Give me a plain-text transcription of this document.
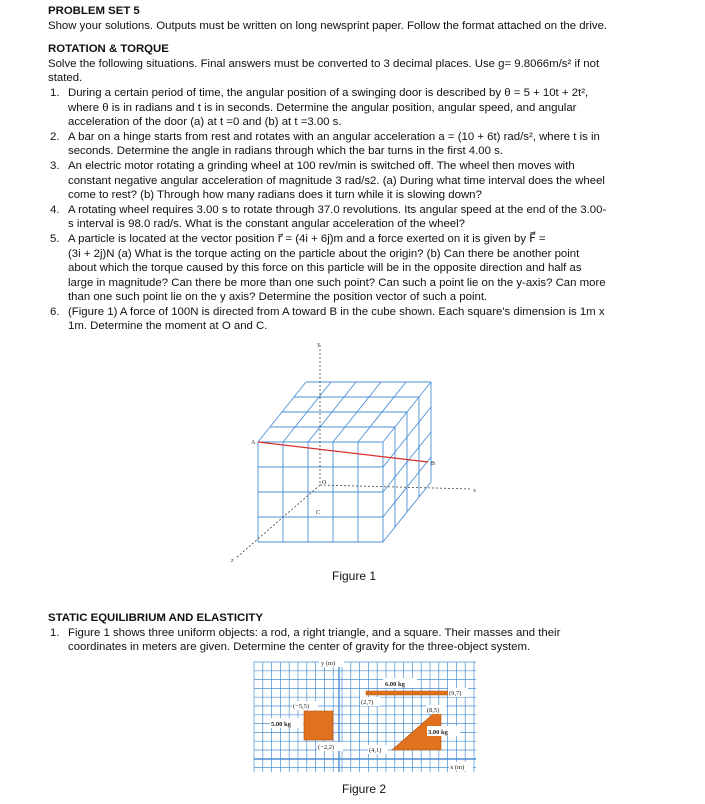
PROBLEM SET 5
Show your solutions. Outputs must be written on long newsprint paper. Follow the format attached on the drive.
ROTATION & TORQUE
Solve the following situations. Final answers must be converted to 3 decimal places. Use g= 9.8066m/s² if not
stated.
1. During a certain period of time, the angular position of a swinging door is described by θ = 5 + 10t + 2t²,
where θ is in radians and t is in seconds. Determine the angular position, angular speed, and angular
acceleration of the door (a) at t =0 and (b) at t =3.00 s.
2. A bar on a hinge starts from rest and rotates with an angular acceleration a = (10 + 6t) rad/s², where t is in
seconds. Determine the angle in radians through which the bar turns in the first 4.00 s.
3. An electric motor rotating a grinding wheel at 100 rev/min is switched off. The wheel then moves with
constant negative angular acceleration of magnitude 3 rad/s2. (a) During what time interval does the wheel
come to rest? (b) Through how many radians does it turn while it is slowing down?
4. A rotating wheel requires 3.00 s to rotate through 37.0 revolutions. Its angular speed at the end of the 3.00-
s interval is 98.0 rad/s. What is the constant angular acceleration of the wheel?
5. A particle is located at the vector position r⃗ = (4i + 6j)m and a force exerted on it is given by F⃗ =
(3i + 2j)N (a) What is the torque acting on the particle about the origin? (b) Can there be another point
about which the torque caused by this force on this particle will be in the opposite direction and half as
large in magnitude? Can there be more than one such point? Can such a point lie on the y-axis? Can more
than one such point lie on the y axis? Determine the position vector of such a point.
6. (Figure 1) A force of 100N is directed from A toward B in the cube shown. Each square's dimension is 1m x
1m. Determine the moment at O and C.
y
x
z
A
B
O
C
Figure 1
STATIC EQUILIBRIUM AND ELASTICITY
1. Figure 1 shows three uniform objects: a rod, a right triangle, and a square. Their masses and their
coordinates in meters are given. Determine the center of gravity for the three-object system.
y (m)
6.00 kg
(2,7)
(9,7)
(−5,5)
5.00 kg
(8,5)
3.00 kg
(−2,2)	(4,1)
x (m)
Figure 2
